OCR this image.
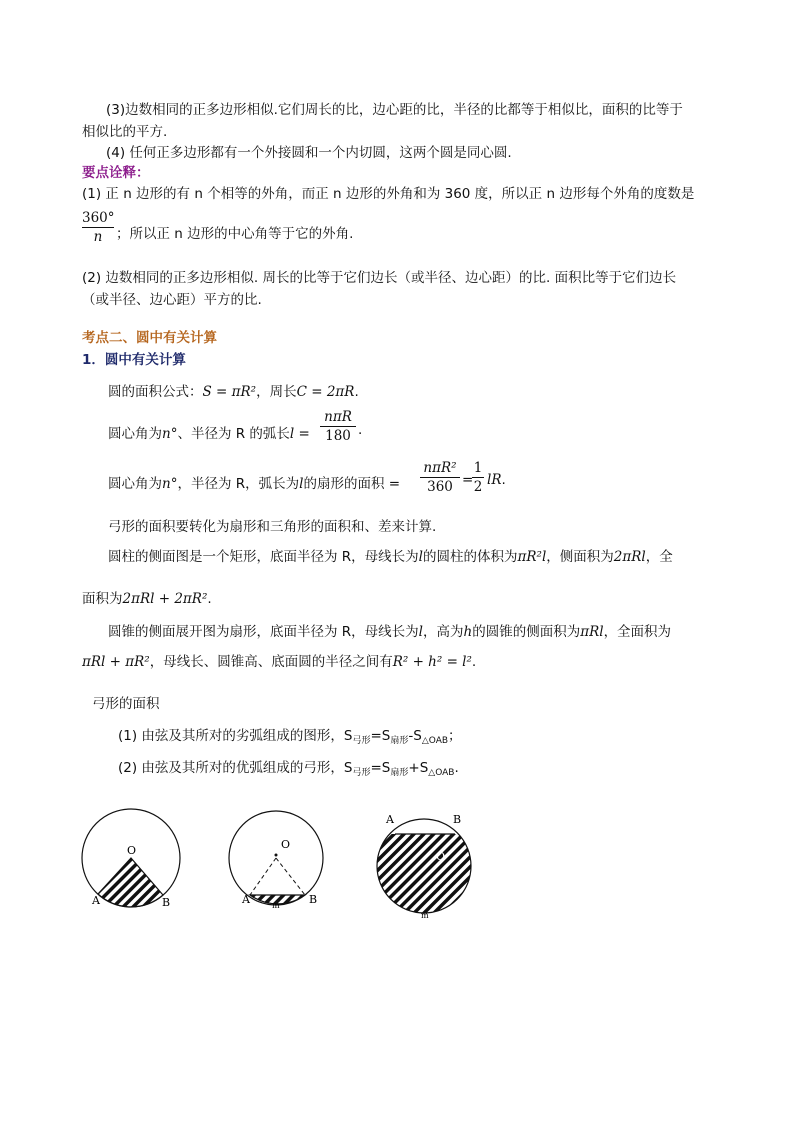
(3)边数相同的正多边形相似.它们周长的比，边心距的比，半径的比都等于相似比，面积的比等于
相似比的平方.
(4) 任何正多边形都有一个外接圆和一个内切圆，这两个圆是同心圆.
要点诠释：
(1) 正 n 边形的有 n 个相等的外角，而正 n 边形的外角和为 360 度，所以正 n 边形每个外角的度数是
360°
n	；所以正 n 边形的中心角等于它的外角.
(2) 边数相同的正多边形相似. 周长的比等于它们边长（或半径、边心距）的比. 面积比等于它们边长
（或半径、边心距）平方的比.
考点二、圆中有关计算
1．圆中有关计算
圆的面积公式：S = πR²，周长C = 2πR.
圆心角为n°、半径为 R 的弧长l =
nπR
180 .
圆心角为n°，半径为 R，弧长为l的扇形的面积 =
nπR²
360 =
1
2 lR.
弓形的面积要转化为扇形和三角形的面积和、差来计算.
圆柱的侧面图是一个矩形，底面半径为 R，母线长为l的圆柱的体积为πR²l，侧面积为2πRl，全
面积为2πRl + 2πR².
圆锥的侧面展开图为扇形，底面半径为 R，母线长为l，高为h的圆锥的侧面积为πRl，全面积为
πRl + πR²，母线长、圆锥高、底面圆的半径之间有R² + h² = l².
弓形的面积
(1) 由弦及其所对的劣弧组成的图形，$S_{弓形}=S_{扇形}-S_{\triangle OAB}$；
(2) 由弦及其所对的优弧组成的弓形，$S_{弓形}=S_{扇形}+S_{\triangle OAB}$.
O
A	B
O
A	B
m
A	B
O
m
